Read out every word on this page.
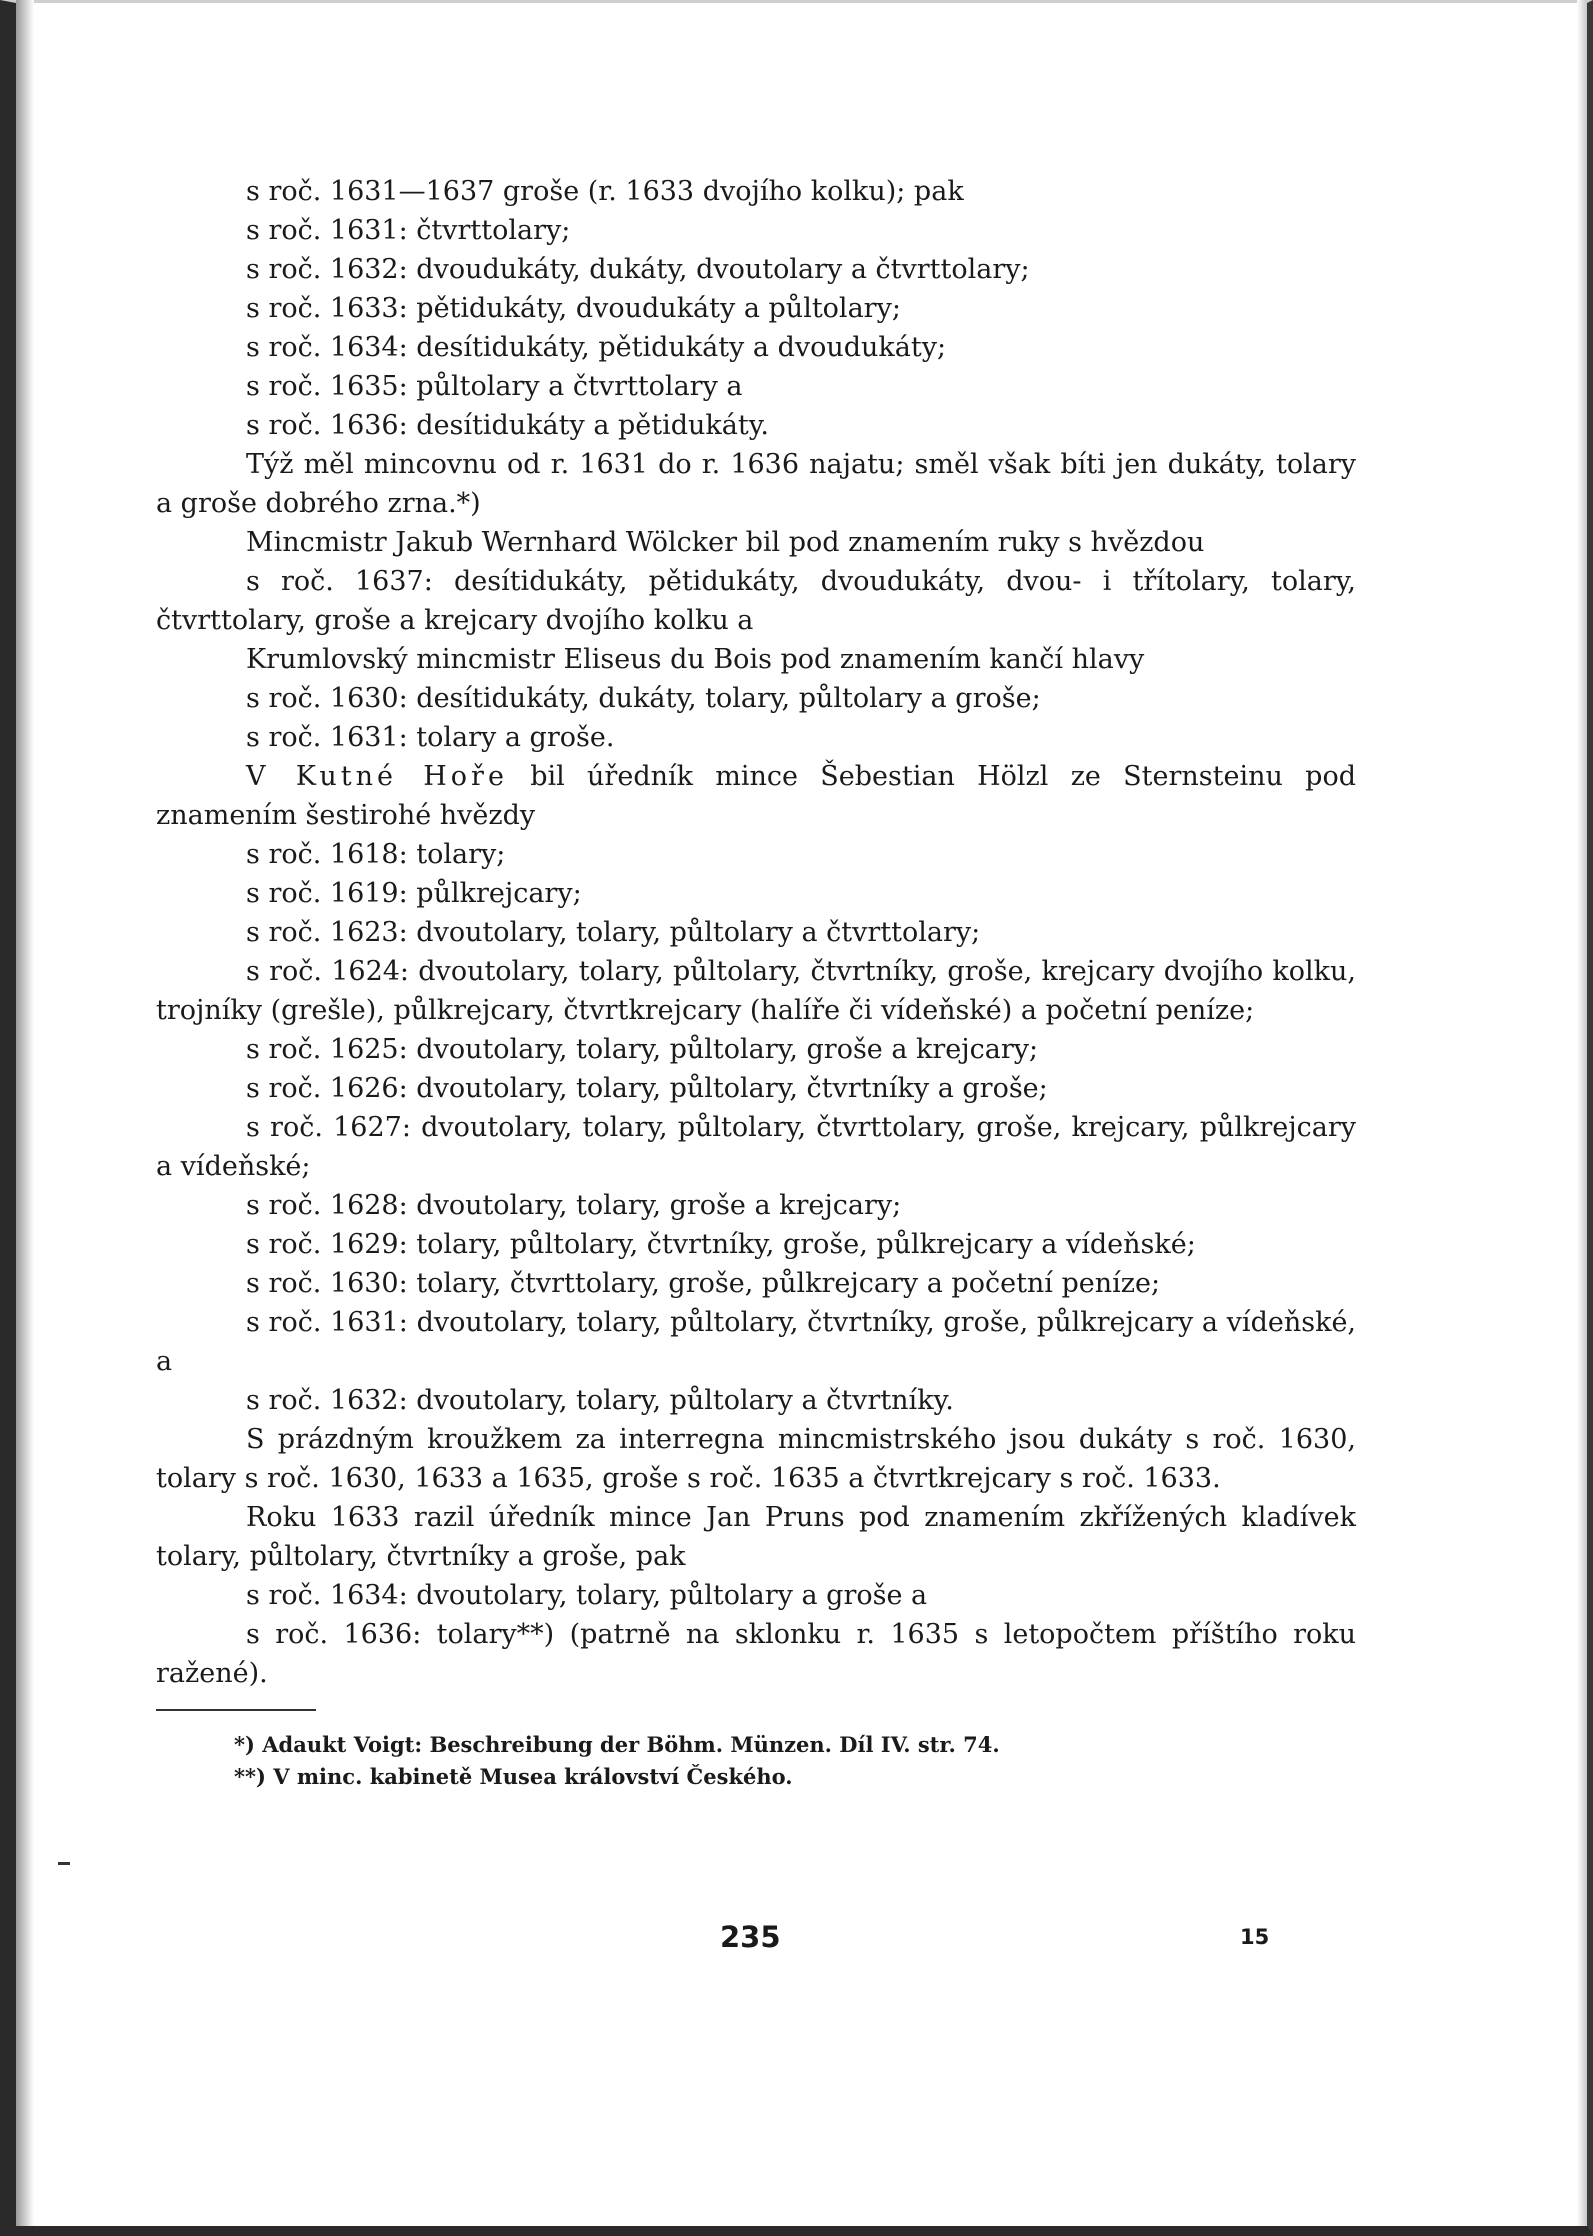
s roč. 1631—1637 groše (r. 1633 dvojího kolku); pak
s roč. 1631: čtvrttolary;
s roč. 1632: dvoudukáty, dukáty, dvoutolary a čtvrttolary;
s roč. 1633: pětidukáty, dvoudukáty a půltolary;
s roč. 1634: desítidukáty, pětidukáty a dvoudukáty;
s roč. 1635: půltolary a čtvrttolary a
s roč. 1636: desítidukáty a pětidukáty.

Týž měl mincovnu od r. 1631 do r. 1636 najatu; směl však bíti jen dukáty, tolary a groše dobrého zrna.*)

Mincmistr Jakub Wernhard Wölcker bil pod znamením ruky s hvězdou

s roč. 1637: desítidukáty, pětidukáty, dvoudukáty, dvou- i třítolary, tolary, čtvrttolary, groše a krejcary dvojího kolku a

Krumlovský mincmistr Eliseus du Bois pod znamením kančí hlavy
s roč. 1630: desítidukáty, dukáty, tolary, půltolary a groše;
s roč. 1631: tolary a groše.

V Kutné Hoře bil úředník mince Šebestian Hölzl ze Sternsteinu pod znamením šestirohé hvězdy

s roč. 1618: tolary;
s roč. 1619: půlkrejcary;
s roč. 1623: dvoutolary, tolary, půltolary a čtvrttolary;

s roč. 1624: dvoutolary, tolary, půltolary, čtvrtníky, groše, krejcary dvojího kolku, trojníky (grešle), půlkrejcary, čtvrtkrejcary (halíře či vídeňské) a početní peníze;

s roč. 1625: dvoutolary, tolary, půltolary, groše a krejcary;
s roč. 1626: dvoutolary, tolary, půltolary, čtvrtníky a groše;

s roč. 1627: dvoutolary, tolary, půltolary, čtvrttolary, groše, krejcary, půlkrejcary a vídeňské;

s roč. 1628: dvoutolary, tolary, groše a krejcary;
s roč. 1629: tolary, půltolary, čtvrtníky, groše, půlkrejcary a vídeňské;
s roč. 1630: tolary, čtvrttolary, groše, půlkrejcary a početní peníze;

s roč. 1631: dvoutolary, tolary, půltolary, čtvrtníky, groše, půlkrejcary a vídeňské, a

s roč. 1632: dvoutolary, tolary, půltolary a čtvrtníky.

S prázdným kroužkem za interregna mincmistrského jsou dukáty s roč. 1630, tolary s roč. 1630, 1633 a 1635, groše s roč. 1635 a čtvrtkrejcary s roč. 1633.

Roku 1633 razil úředník mince Jan Pruns pod znamením zkřížených kladívek tolary, půltolary, čtvrtníky a groše, pak

s roč. 1634: dvoutolary, tolary, půltolary a groše a

s roč. 1636: tolary**) (patrně na sklonku r. 1635 s letopočtem příštího roku ražené).

*) Adaukt Voigt: Beschreibung der Böhm. Münzen. Díl IV. str. 74.
**) V minc. kabinetě Musea království Českého.
235	15
